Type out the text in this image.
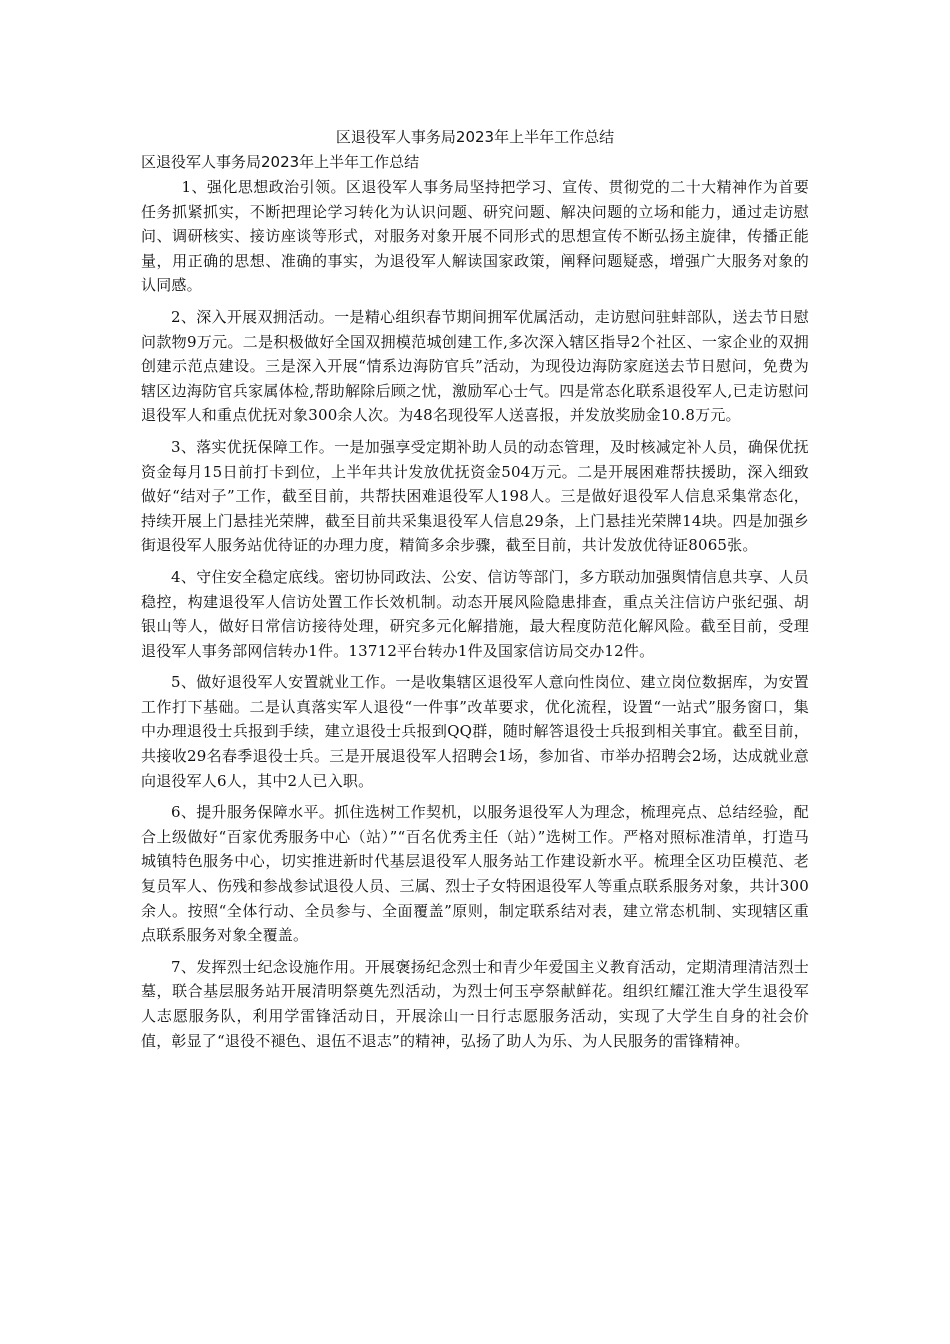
区退役军人事务局2023年上半年工作总结

区退役军人事务局2023年上半年工作总结

1、强化思想政治引领。区退役军人事务局坚持把学习、宣传、贯彻党的二十大精神作为首要任务抓紧抓实，不断把理论学习转化为认识问题、研究问题、解决问题的立场和能力，通过走访慰问、调研核实、接访座谈等形式，对服务对象开展不同形式的思想宣传不断弘扬主旋律，传播正能量，用正确的思想、准确的事实，为退役军人解读国家政策，阐释问题疑惑，增强广大服务对象的认同感。

2、深入开展双拥活动。一是精心组织春节期间拥军优属活动，走访慰问驻蚌部队，送去节日慰问款物9万元。二是积极做好全国双拥模范城创建工作,多次深入辖区指导2个社区、一家企业的双拥创建示范点建设。三是深入开展“情系边海防官兵”活动，为现役边海防家庭送去节日慰问，免费为辖区边海防官兵家属体检,帮助解除后顾之忧，激励军心士气。四是常态化联系退役军人,已走访慰问退役军人和重点优抚对象300余人次。为48名现役军人送喜报，并发放奖励金10.8万元。

3、落实优抚保障工作。一是加强享受定期补助人员的动态管理，及时核减定补人员，确保优抚资金每月15日前打卡到位，上半年共计发放优抚资金504万元。二是开展困难帮扶援助，深入细致做好“结对子”工作，截至目前，共帮扶困难退役军人198人。三是做好退役军人信息采集常态化，持续开展上门悬挂光荣牌，截至目前共采集退役军人信息29条，上门悬挂光荣牌14块。四是加强乡街退役军人服务站优待证的办理力度，精简多余步骤，截至目前，共计发放优待证8065张。

4、守住安全稳定底线。密切协同政法、公安、信访等部门，多方联动加强舆情信息共享、人员稳控，构建退役军人信访处置工作长效机制。动态开展风险隐患排查，重点关注信访户张纪强、胡银山等人，做好日常信访接待处理，研究多元化解措施，最大程度防范化解风险。截至目前，受理退役军人事务部网信转办1件。13712平台转办1件及国家信访局交办12件。

5、做好退役军人安置就业工作。一是收集辖区退役军人意向性岗位、建立岗位数据库，为安置工作打下基础。二是认真落实军人退役“一件事”改革要求，优化流程，设置“一站式”服务窗口，集中办理退役士兵报到手续，建立退役士兵报到QQ群，随时解答退役士兵报到相关事宜。截至目前，共接收29名春季退役士兵。三是开展退役军人招聘会1场，参加省、市举办招聘会2场，达成就业意向退役军人6人，其中2人已入职。

6、提升服务保障水平。抓住选树工作契机，以服务退役军人为理念，梳理亮点、总结经验，配合上级做好“百家优秀服务中心（站）”“百名优秀主任（站）”选树工作。严格对照标准清单，打造马城镇特色服务中心，切实推进新时代基层退役军人服务站工作建设新水平。梳理全区功臣模范、老复员军人、伤残和参战参试退役人员、三属、烈士子女特困退役军人等重点联系服务对象，共计300余人。按照“全体行动、全员参与、全面覆盖”原则，制定联系结对表，建立常态机制、实现辖区重点联系服务对象全覆盖。

7、发挥烈士纪念设施作用。开展褒扬纪念烈士和青少年爱国主义教育活动，定期清理清洁烈士墓，联合基层服务站开展清明祭奠先烈活动，为烈士何玉亭祭献鲜花。组织红耀江淮大学生退役军人志愿服务队，利用学雷锋活动日，开展涂山一日行志愿服务活动，实现了大学生自身的社会价值，彰显了“退役不褪色、退伍不退志”的精神，弘扬了助人为乐、为人民服务的雷锋精神。
